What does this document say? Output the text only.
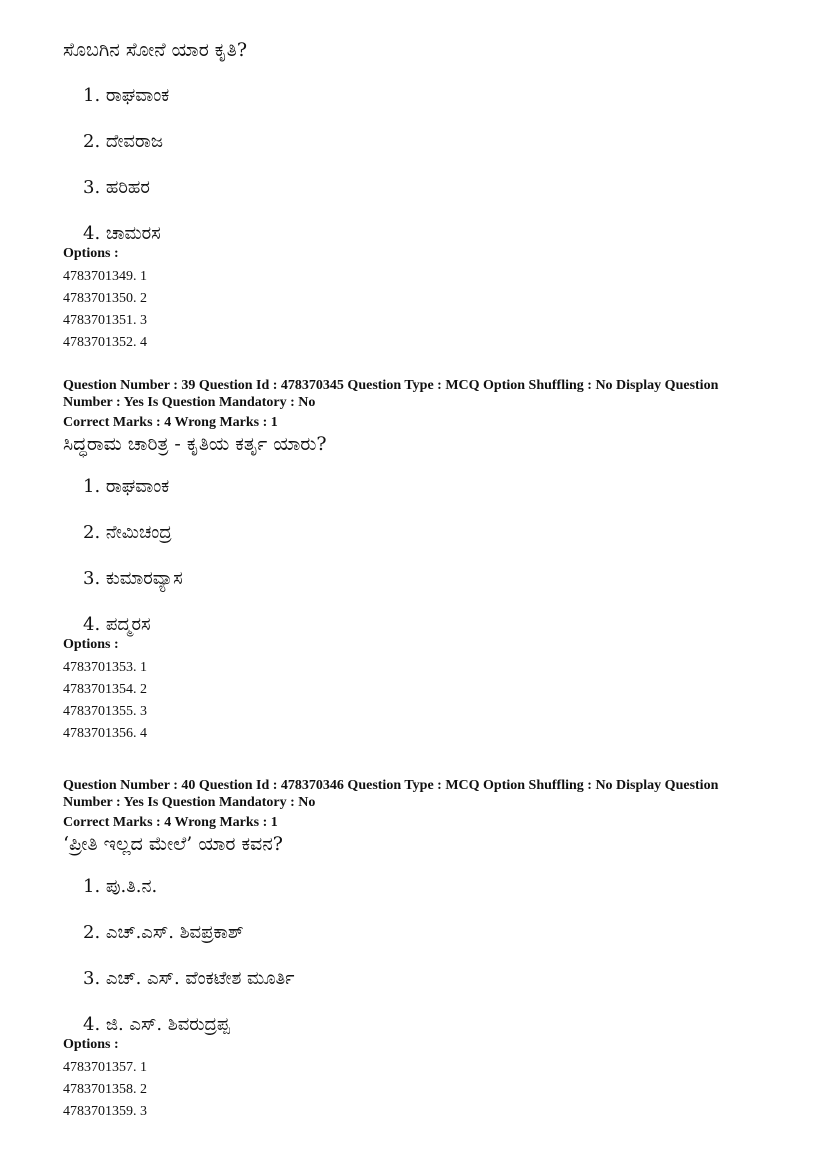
ಸೊಬಗಿನ ಸೋನೆ ಯಾರ ಕೃತಿ?
1. ರಾಘವಾಂಕ
2. ದೇವರಾಜ
3. ಹರಿಹರ
4. ಚಾಮರಸ
Options :
4783701349. 1
4783701350. 2
4783701351. 3
4783701352. 4
Question Number : 39 Question Id : 478370345 Question Type : MCQ Option Shuffling : No Display Question
Number : Yes Is Question Mandatory : No
Correct Marks : 4 Wrong Marks : 1
ಸಿದ್ಧರಾಮ ಚಾರಿತ್ರ - ಕೃತಿಯ ಕರ್ತೃ ಯಾರು?
1. ರಾಘವಾಂಕ
2. ನೇಮಿಚಂದ್ರ
3. ಕುಮಾರವ್ಯಾಸ
4. ಪದ್ಮರಸ
Options :
4783701353. 1
4783701354. 2
4783701355. 3
4783701356. 4
Question Number : 40 Question Id : 478370346 Question Type : MCQ Option Shuffling : No Display Question
Number : Yes Is Question Mandatory : No
Correct Marks : 4 Wrong Marks : 1
‘ಪ್ರೀತಿ ಇಲ್ಲದ ಮೇಲೆ’ ಯಾರ ಕವನ?
1. ಪು.ತಿ.ನ.
2. ಎಚ್.ಎಸ್. ಶಿವಪ್ರಕಾಶ್
3. ಎಚ್. ಎಸ್. ವೆಂಕಟೇಶ ಮೂರ್ತಿ
4. ಜಿ. ಎಸ್. ಶಿವರುದ್ರಪ್ಪ
Options :
4783701357. 1
4783701358. 2
4783701359. 3
